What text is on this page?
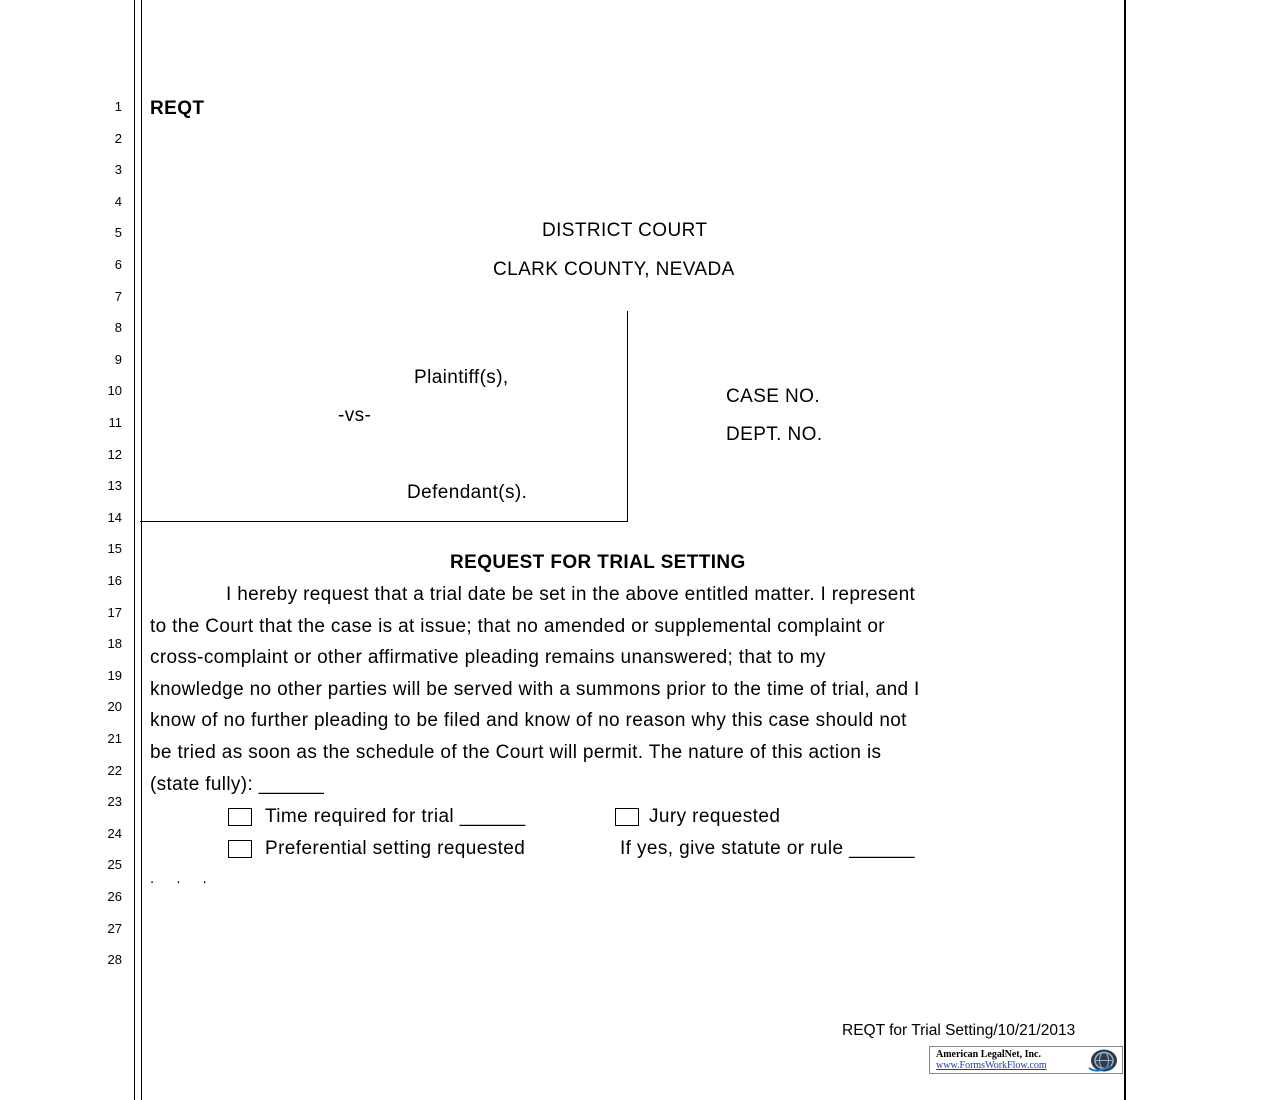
1
2
3
4
5
6
7
8
9
10
11
12
13
14
15
16
17
18
19
20
21
22
23
24
25
26
27
28
REQT
DISTRICT COURT
CLARK COUNTY, NEVADA
Plaintiff(s),
-vs-
Defendant(s).
CASE NO.
DEPT. NO.
REQUEST FOR TRIAL SETTING
I hereby request that a trial date be set in the above entitled matter. I represent
to the Court that the case is at issue; that no amended or supplemental complaint or
cross-complaint or other affirmative pleading remains unanswered; that to my
knowledge no other parties will be served with a summons prior to the time of trial, and I
know of no further pleading to be filed and know of no reason why this case should not
be tried as soon as the schedule of the Court will permit. The nature of this action is
(state fully): ______
Time required for trial ______	Jury requested
Preferential setting requested	If yes, give statute or rule ______
. . .
REQT for Trial Setting/10/21/2013
American LegalNet, Inc.
www.FormsWorkFlow.com
